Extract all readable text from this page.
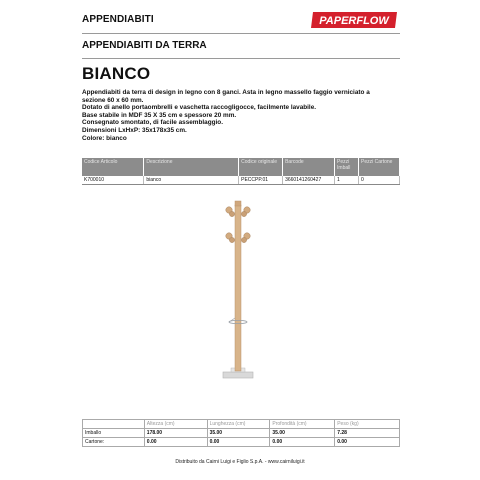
APPENDIABITI
APPENDIABITI DA TERRA
BIANCO
PAPERFLOW
Appendiabiti da terra di design in legno con 8 ganci. Asta in legno massello faggio verniciato a
sezione 60 x 60 mm.
Dotato di anello portaombrelli e vaschetta raccogligocce, facilmente lavabile.
Base stabile in MDF 35 X 35 cm e spessore 20 mm.
Consegnato smontato, di facile assemblaggio.
Dimensioni LxHxP: 35x178x35 cm.
Colore: bianco
Codice Articolo	Descrizione	Codice originale	Barcode	Pezzi Imball	Pezzi Cartone
K700010	bianco	PECCPP.01	3660141260427	1	0
	Altezza (cm)	Lunghezza (cm)	Profondità (cm)	Peso (kg)
Imballo	178.00	35.00	35.00	7.28
Cartone:	0.00	0.00	0.00	0.00
Distribuito da Cairni Luigi e Figlio S.p.A. - www.cairniluigi.it
